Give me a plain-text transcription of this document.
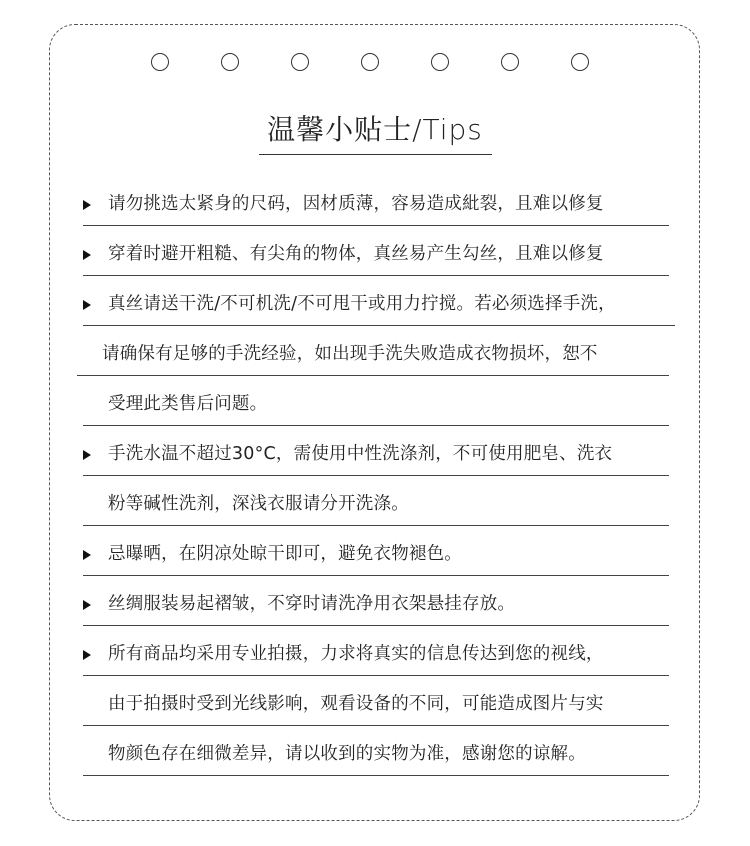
温馨小贴士/Tips
请勿挑选太紧身的尺码，因材质薄，容易造成紕裂，且难以修复
穿着时避开粗糙、有尖角的物体，真丝易产生勾丝，且难以修复
真丝请送干洗/不可机洗/不可甩干或用力拧搅。若必须选择手洗，
请确保有足够的手洗经验，如出现手洗失败造成衣物损坏，恕不
受理此类售后问题。
手洗水温不超过30°C，需使用中性洗涤剂，不可使用肥皂、洗衣
粉等碱性洗剂，深浅衣服请分开洗涤。
忌曝晒，在阴凉处晾干即可，避免衣物褪色。
丝绸服装易起褶皱，不穿时请洗净用衣架悬挂存放。
所有商品均采用专业拍摄，力求将真实的信息传达到您的视线，
由于拍摄时受到光线影响，观看设备的不同，可能造成图片与实
物颜色存在细微差异，请以收到的实物为准，感谢您的谅解。
